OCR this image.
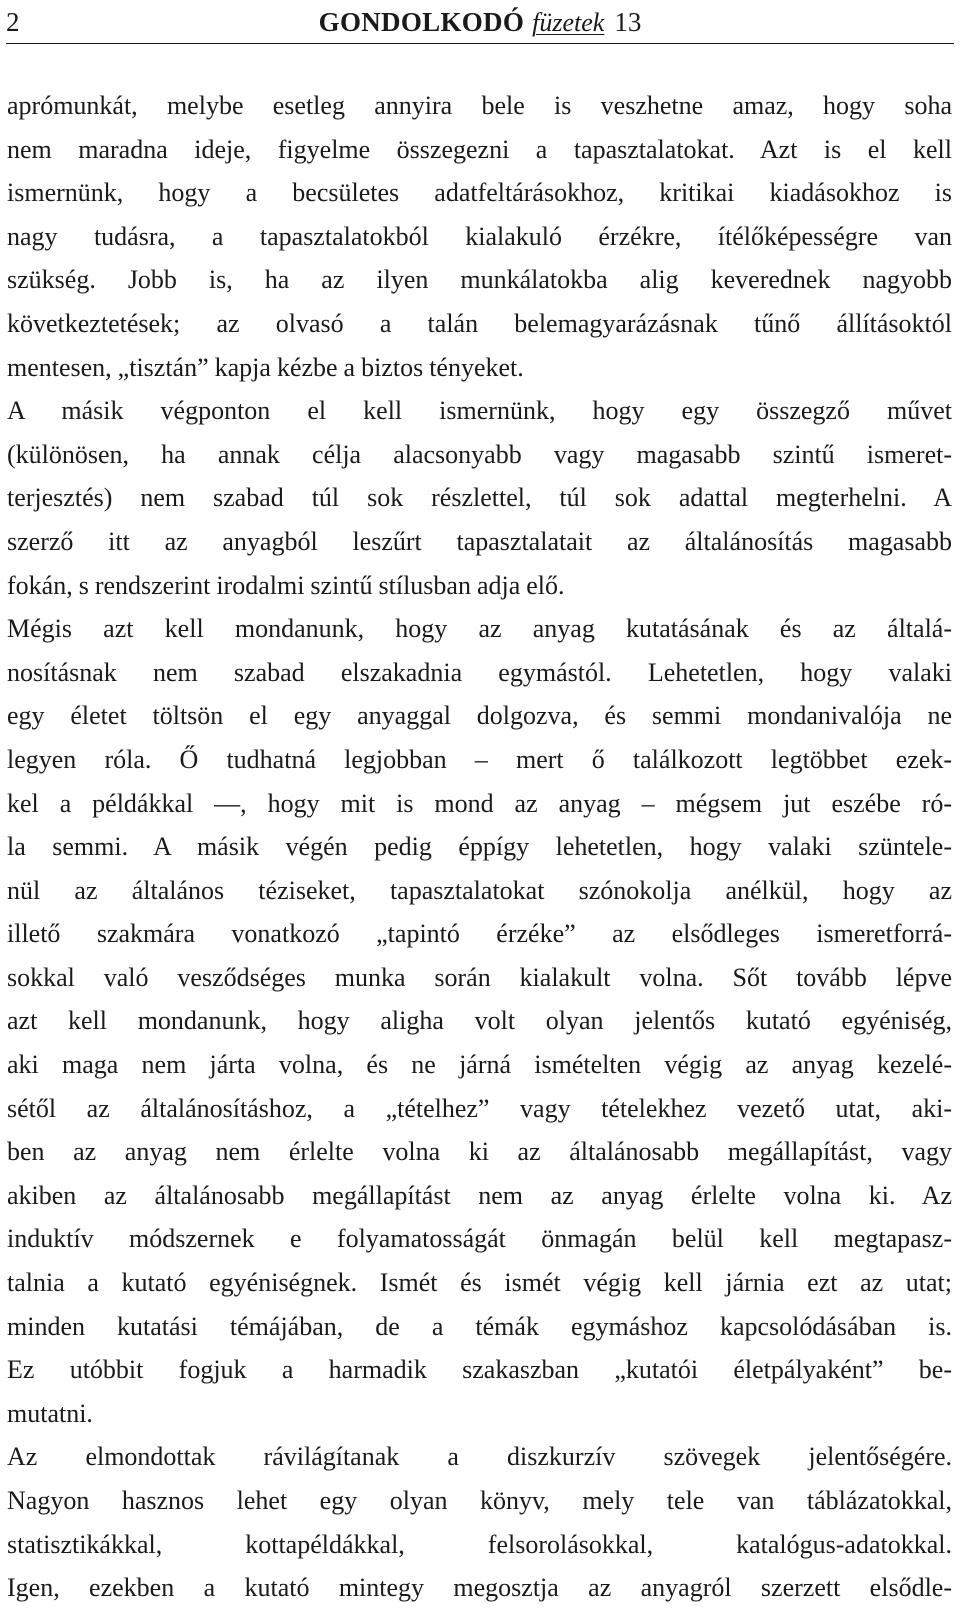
2	GONDOLKODÓ füzetek 13
aprómunkát, melybe esetleg annyira bele is veszhetne amaz, hogy soha
nem maradna ideje, figyelme összegezni a tapasztalatokat. Azt is el kell
ismernünk, hogy a becsületes adatfeltárásokhoz, kritikai kiadásokhoz is
nagy tudásra, a tapasztalatokból kialakuló érzékre, ítélőképességre van
szükség. Jobb is, ha az ilyen munkálatokba alig keverednek nagyobb
következtetések; az olvasó a talán belemagyarázásnak tűnő állításoktól
mentesen, „tisztán” kapja kézbe a biztos tényeket.
A másik végponton el kell ismernünk, hogy egy összegző művet
(különösen, ha annak célja alacsonyabb vagy magasabb szintű ismeret-
terjesztés) nem szabad túl sok részlettel, túl sok adattal megterhelni. A
szerző itt az anyagból leszűrt tapasztalatait az általánosítás magasabb
fokán, s rendszerint irodalmi szintű stílusban adja elő.
Mégis azt kell mondanunk, hogy az anyag kutatásának és az általá-
nosításnak nem szabad elszakadnia egymástól. Lehetetlen, hogy valaki
egy életet töltsön el egy anyaggal dolgozva, és semmi mondanivalója ne
legyen róla. Ő tudhatná legjobban – mert ő találkozott legtöbbet ezek-
kel a példákkal —, hogy mit is mond az anyag – mégsem jut eszébe ró-
la semmi. A másik végén pedig éppígy lehetetlen, hogy valaki szüntele-
nül az általános téziseket, tapasztalatokat szónokolja anélkül, hogy az
illető szakmára vonatkozó „tapintó érzéke” az elsődleges ismeretforrá-
sokkal való vesződséges munka során kialakult volna. Sőt tovább lépve
azt kell mondanunk, hogy aligha volt olyan jelentős kutató egyéniség,
aki maga nem járta volna, és ne járná ismételten végig az anyag kezelé-
sétől az általánosításhoz, a „tételhez” vagy tételekhez vezető utat, aki-
ben az anyag nem érlelte volna ki az általánosabb megállapítást, vagy
akiben az általánosabb megállapítást nem az anyag érlelte volna ki. Az
induktív módszernek e folyamatosságát önmagán belül kell megtapasz-
talnia a kutató egyéniségnek. Ismét és ismét végig kell járnia ezt az utat;
minden kutatási témájában, de a témák egymáshoz kapcsolódásában is.
Ez utóbbit fogjuk a harmadik szakaszban „kutatói életpályaként” be-
mutatni.
Az elmondottak rávilágítanak a diszkurzív szövegek jelentőségére.
Nagyon hasznos lehet egy olyan könyv, mely tele van táblázatokkal,
statisztikákkal, kottapéldákkal, felsorolásokkal, katalógus-adatokkal.
Igen, ezekben a kutató mintegy megosztja az anyagról szerzett elsődle-
